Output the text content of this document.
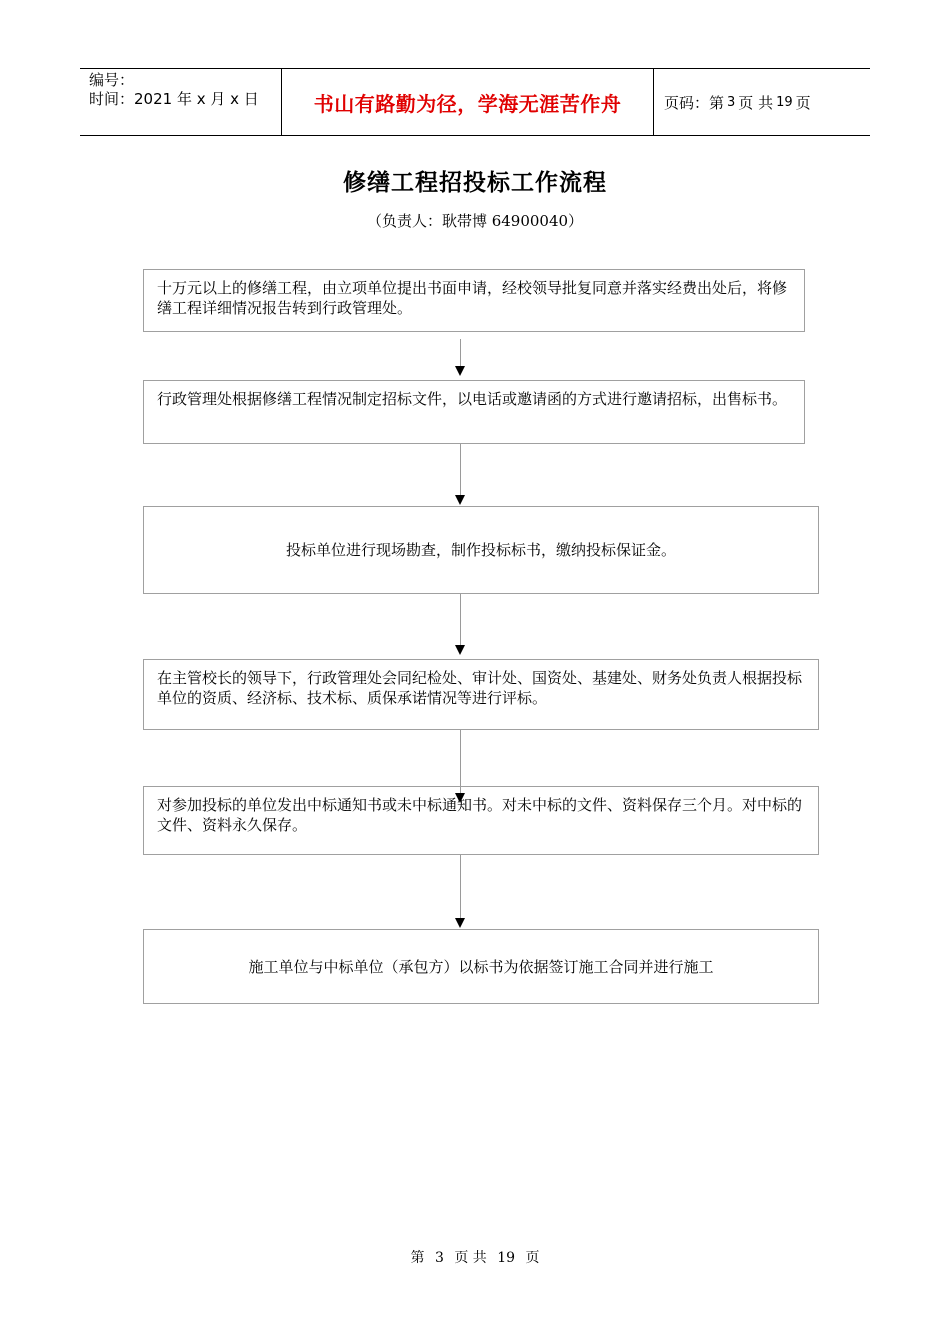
编号：
时间：2021 年 x 月 x 日	书山有路勤为径，学海无涯苦作舟	页码：第 3 页 共 19 页
修缮工程招投标工作流程
（负责人：耿帯博 64900040）
十万元以上的修缮工程，由立项单位提出书面申请，经校领导批复同意并落实经费出处后，将修缮工程详细情况报告转到行政管理处。
行政管理处根据修缮工程情况制定招标文件，以电话或邀请函的方式进行邀请招标，出售标书。
投标单位进行现场勘查，制作投标标书，缴纳投标保证金。
在主管校长的领导下，行政管理处会同纪检处、审计处、国资处、基建处、财务处负责人根据投标单位的资质、经济标、技术标、质保承诺情况等进行评标。
对参加投标的单位发出中标通知书或未中标通知书。对未中标的文件、资料保存三个月。对中标的文件、资料永久保存。
施工单位与中标单位（承包方）以标书为依据签订施工合同并进行施工
第 3 页 共 19 页
